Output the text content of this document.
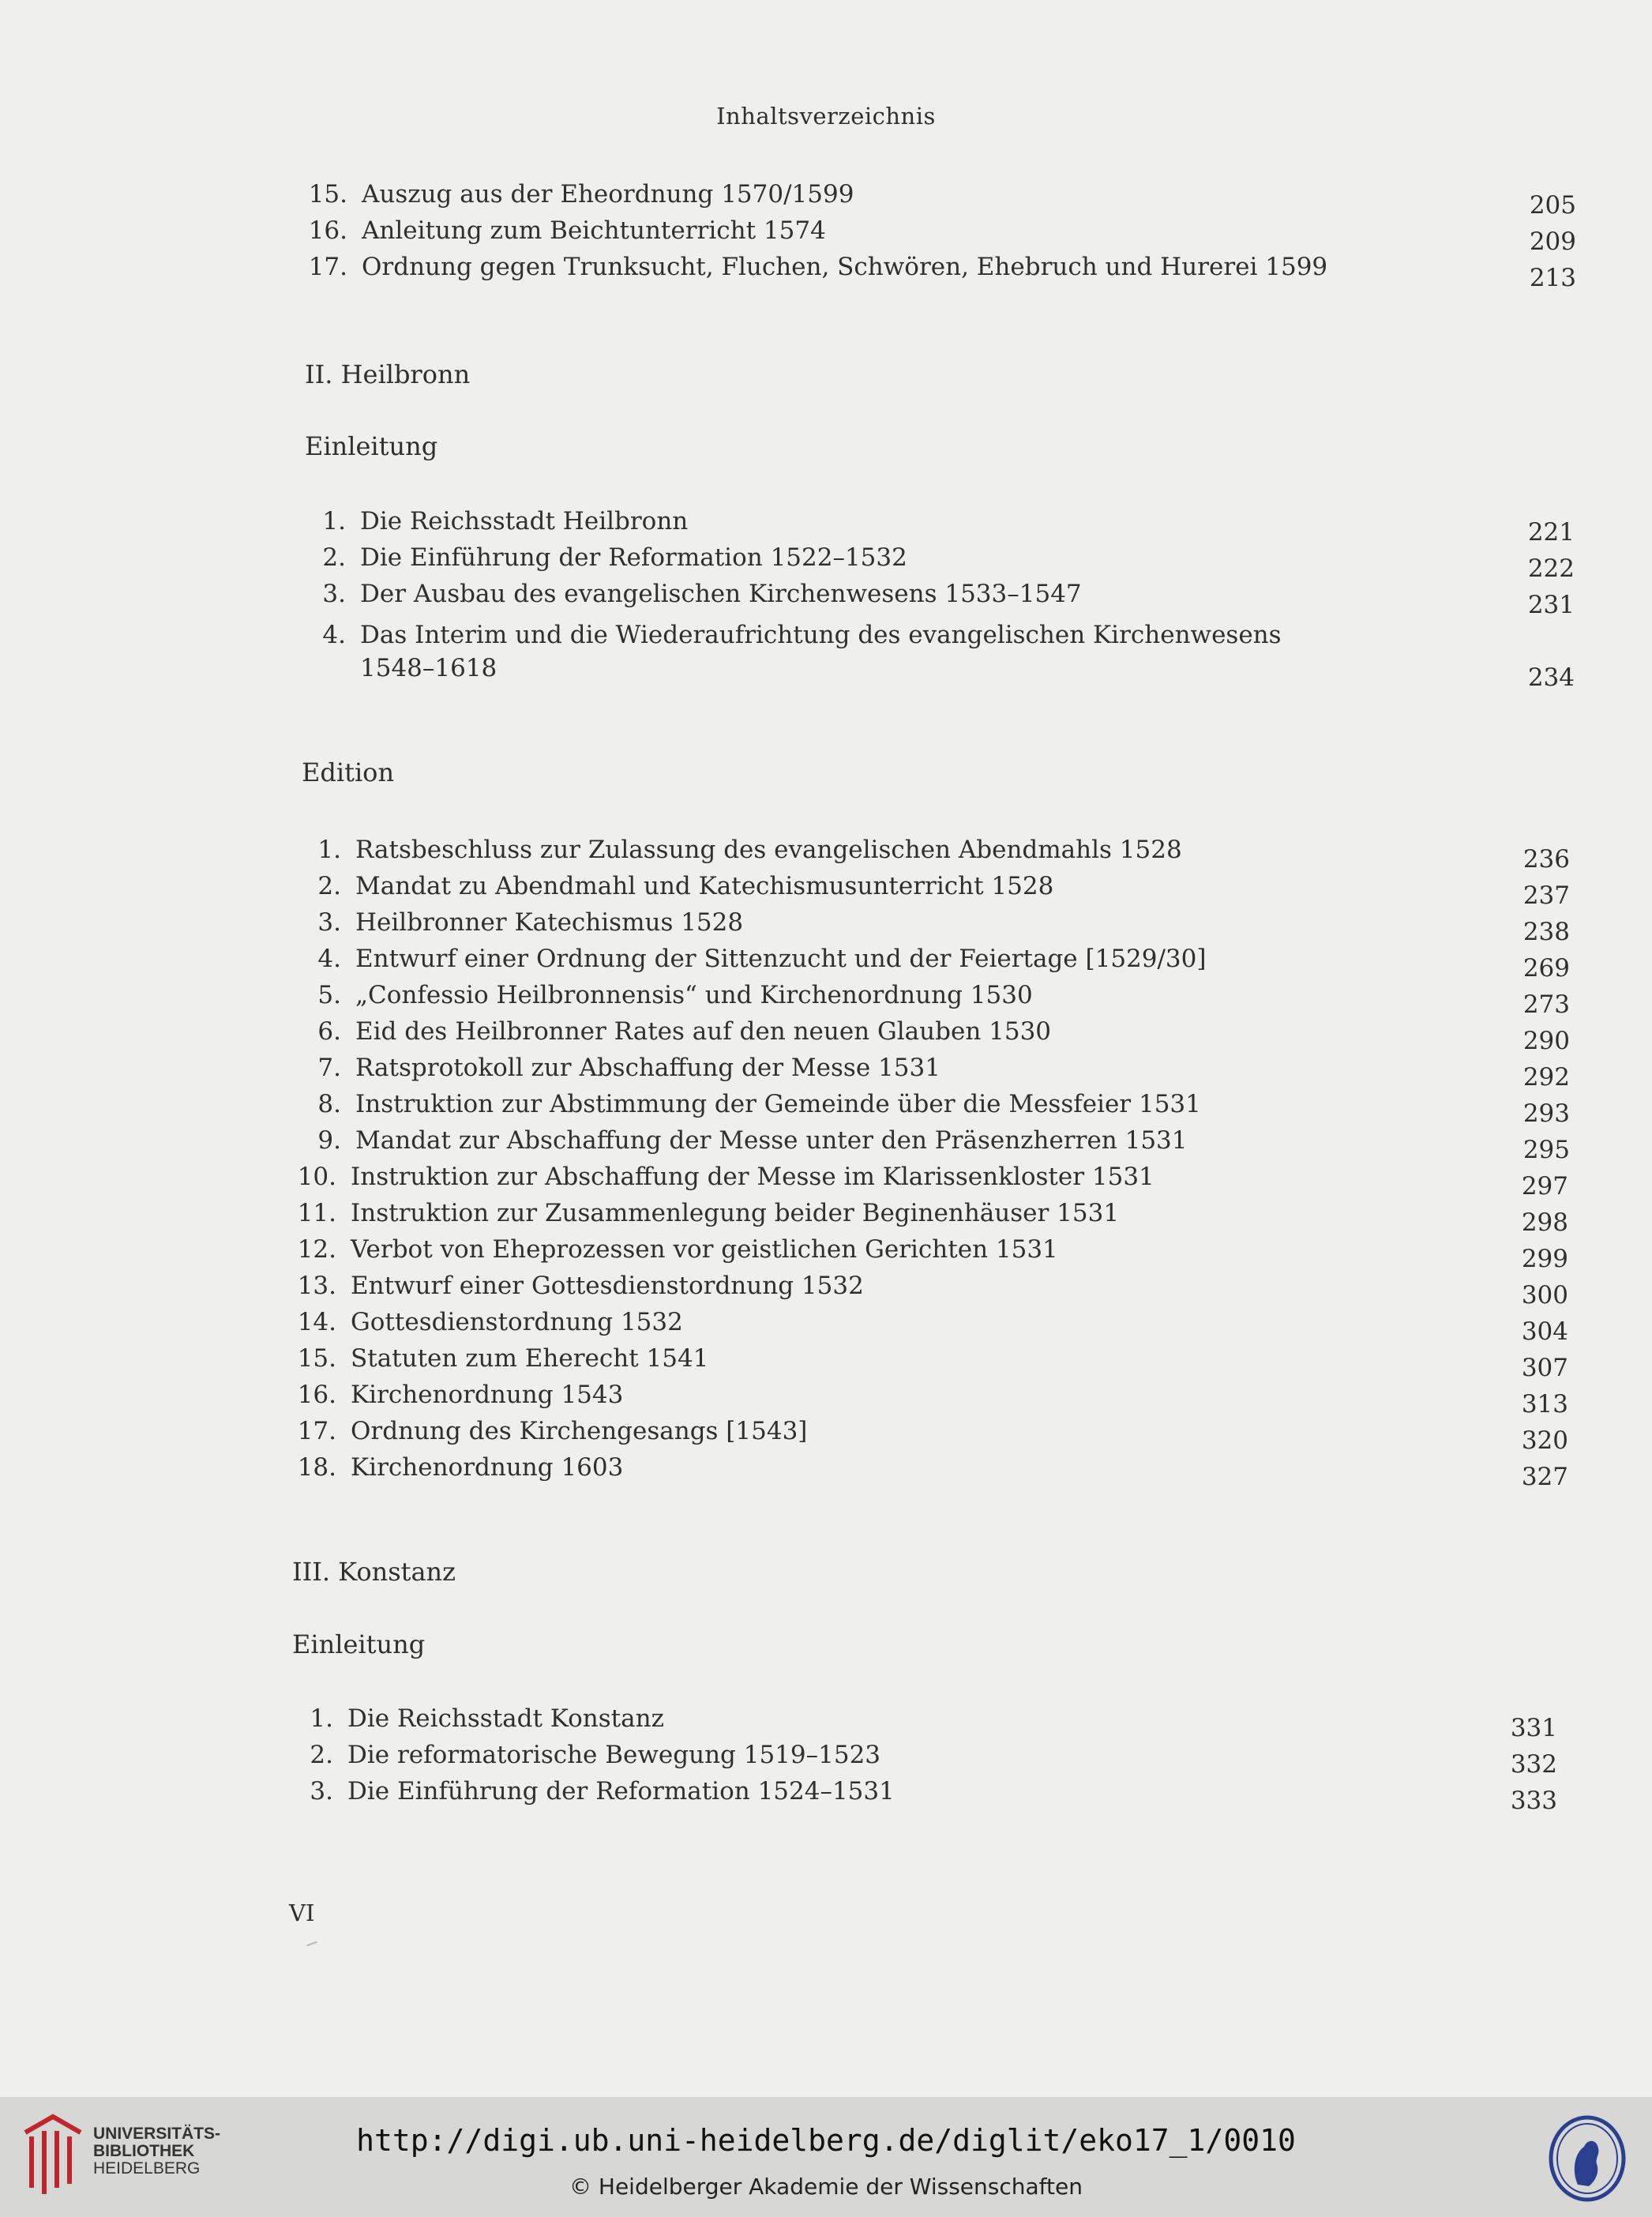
Inhaltsverzeichnis
15. Auszug aus der Eheordnung 1570/1599	205
16. Anleitung zum Beichtunterricht 1574	209
17. Ordnung gegen Trunksucht, Fluchen, Schwören, Ehebruch und Hurerei 1599	213
II. Heilbronn
Einleitung
1. Die Reichsstadt Heilbronn	221
2. Die Einführung der Reformation 1522–1532	222
3. Der Ausbau des evangelischen Kirchenwesens 1533–1547	231
4. Das Interim und die Wiederaufrichtung des evangelischen Kirchenwesens
1548–1618	234
Edition
1. Ratsbeschluss zur Zulassung des evangelischen Abendmahls 1528	236
2. Mandat zu Abendmahl und Katechismusunterricht 1528	237
3. Heilbronner Katechismus 1528	238
4. Entwurf einer Ordnung der Sittenzucht und der Feiertage [1529/30]	269
5. „Confessio Heilbronnensis“ und Kirchenordnung 1530	273
6. Eid des Heilbronner Rates auf den neuen Glauben 1530	290
7. Ratsprotokoll zur Abschaffung der Messe 1531	292
8. Instruktion zur Abstimmung der Gemeinde über die Messfeier 1531	293
9. Mandat zur Abschaffung der Messe unter den Präsenzherren 1531	295
10. Instruktion zur Abschaffung der Messe im Klarissenkloster 1531	297
11. Instruktion zur Zusammenlegung beider Beginenhäuser 1531	298
12. Verbot von Eheprozessen vor geistlichen Gerichten 1531	299
13. Entwurf einer Gottesdienstordnung 1532	300
14. Gottesdienstordnung 1532	304
15. Statuten zum Eherecht 1541	307
16. Kirchenordnung 1543	313
17. Ordnung des Kirchengesangs [1543]	320
18. Kirchenordnung 1603	327
III. Konstanz
Einleitung
1. Die Reichsstadt Konstanz	331
2. Die reformatorische Bewegung 1519–1523	332
3. Die Einführung der Reformation 1524–1531	333
VI
UNIVERSITÄTS-
BIBLIOTHEK
HEIDELBERG
http://digi.ub.uni-heidelberg.de/diglit/eko17_1/0010
© Heidelberger Akademie der Wissenschaften
